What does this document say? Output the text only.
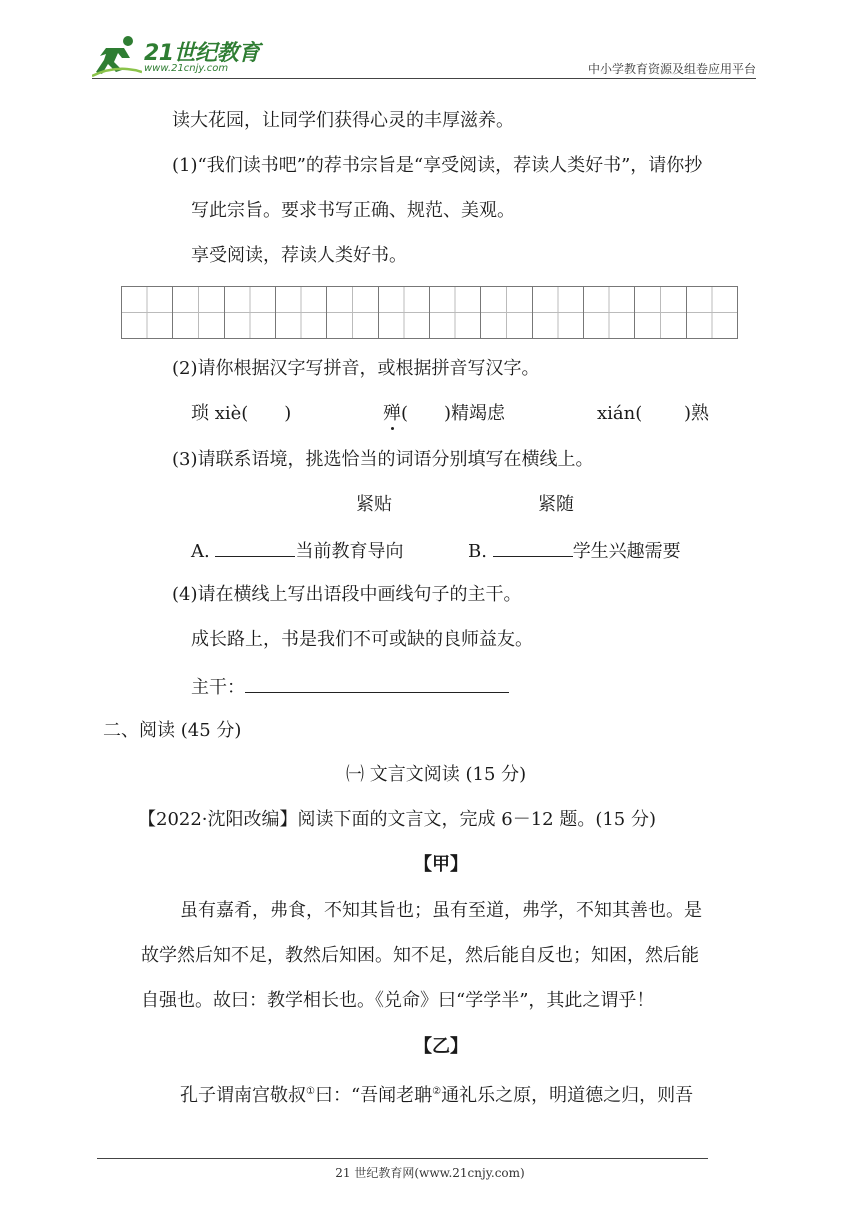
21世纪教育
www.21cnjy.com	中小学教育资源及组卷应用平台
读大花园，让同学们获得心灵的丰厚滋养。
(1)“我们读书吧”的荐书宗旨是“享受阅读，荐读人类好书”，请你抄
写此宗旨。要求书写正确、规范、美观。
享受阅读，荐读人类好书。
(2)请你根据汉字写拼音，或根据拼音写汉字。
琐 xiè(　　)	殚(　　)精竭虑	xián( )熟
(3)请联系语境，挑选恰当的词语分别填写在横线上。
紧贴	紧随
A.	当前教育导向	B.	学生兴趣需要
(4)请在横线上写出语段中画线句子的主干。
成长路上，书是我们不可或缺的良师益友。
主干：
二、阅读 (45 分)
㈠ 文言文阅读 (15 分)
【2022·沈阳改编】阅读下面的文言文，完成 6－12 题。(15 分)
【甲】
虽有嘉肴，弗食，不知其旨也；虽有至道，弗学，不知其善也。是
故学然后知不足，教然后知困。知不足，然后能自反也；知困，然后能
自强也。故曰：教学相长也。《兑命》曰“学学半”，其此之谓乎！
【乙】
孔子谓南宫敬叔①曰：“吾闻老聃②通礼乐之原，明道德之归，则吾
21 世纪教育网(www.21cnjy.com)
